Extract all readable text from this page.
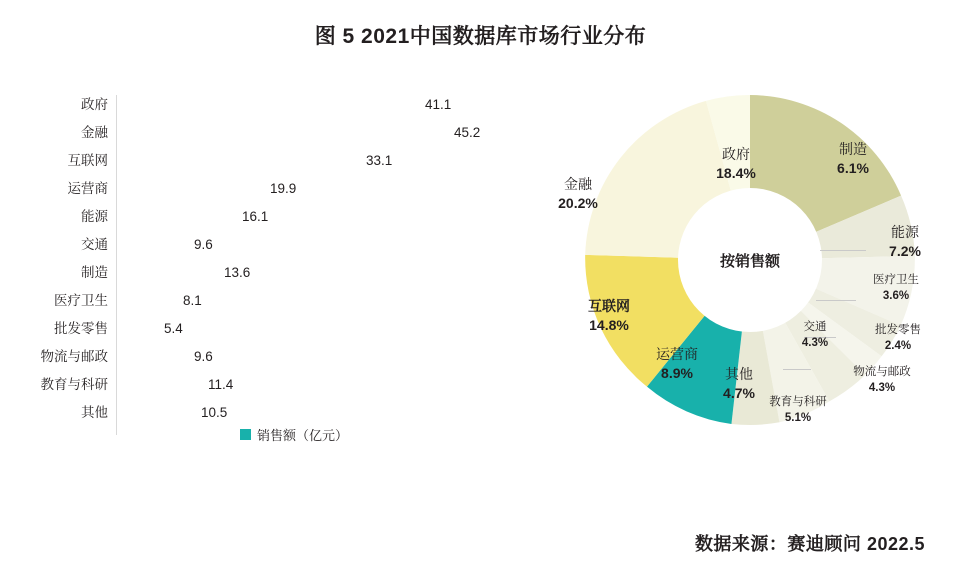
图 5 2021中国数据库市场行业分布
政府	41.1
金融	45.2
互联网	33.1
运营商	19.9
能源	16.1
交通	9.6
制造	13.6
医疗卫生	8.1
批发零售	5.4
物流与邮政	9.6
教育与科研	11.4
其他	10.5
销售额（亿元）
按销售额
政府
18.4%
制造
6.1%
能源
7.2%
医疗卫生
3.6%
批发零售
2.4%
物流与邮政
4.3%
教育与科研
5.1%
其他
4.7%
运营商
8.9%
互联网
14.8%
金融
20.2%
交通
4.3%
数据来源：赛迪顾问 2022.5
